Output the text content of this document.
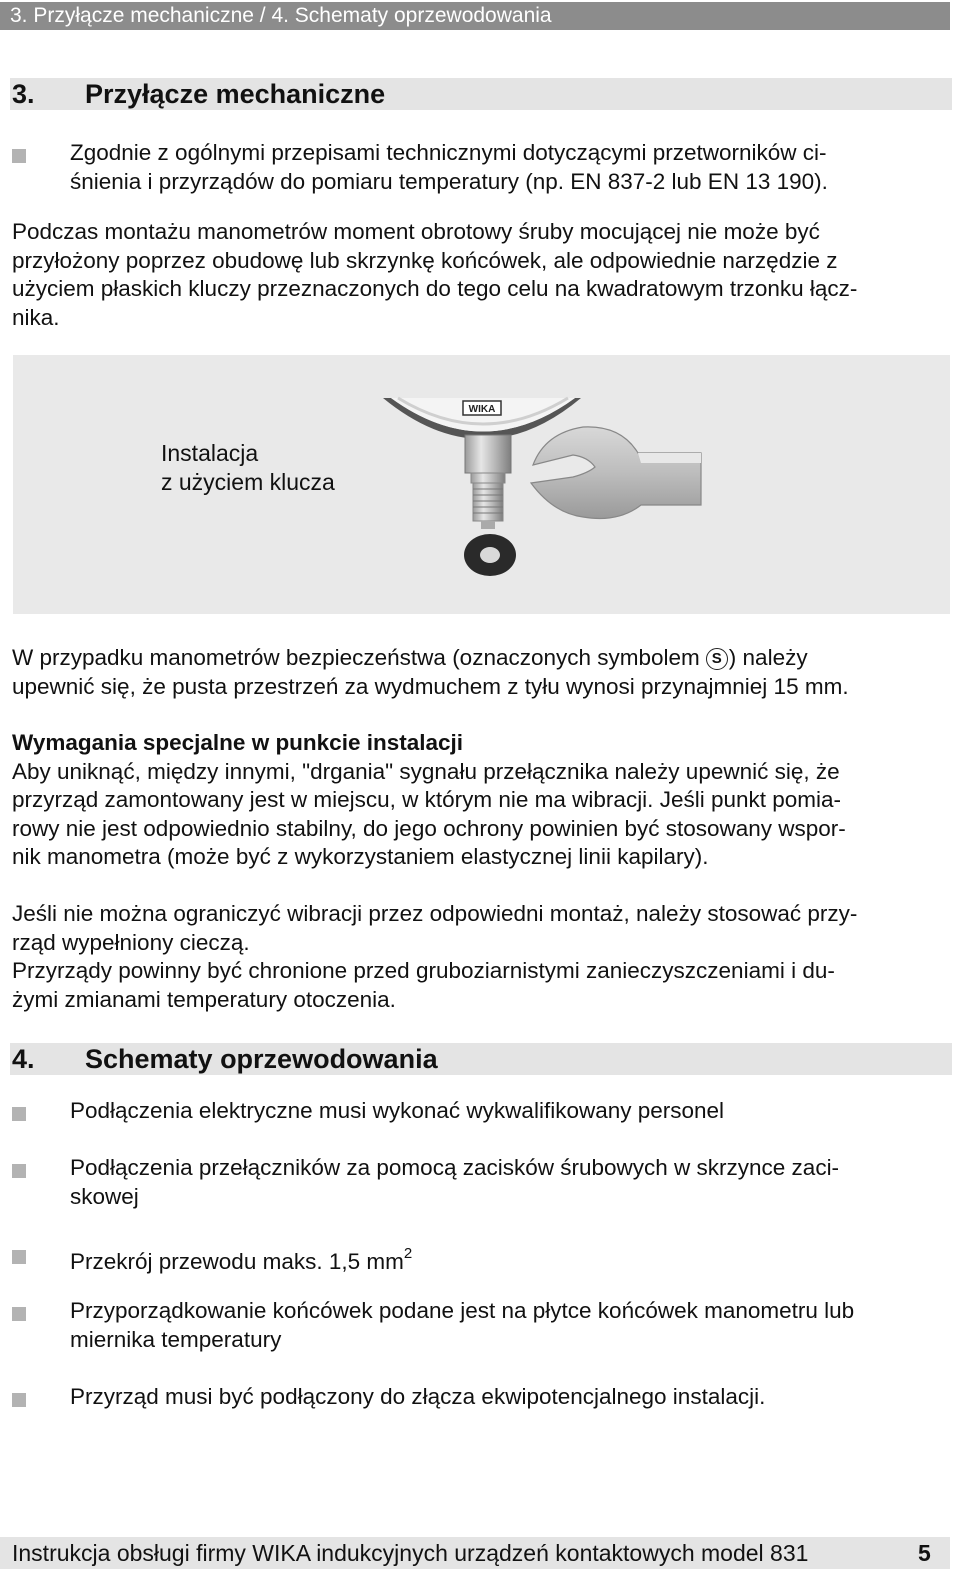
3. Przyłącze mechaniczne / 4. Schematy oprzewodowania
3. Przyłącze mechaniczne

Zgodnie z ogólnymi przepisami technicznymi dotyczącymi przetworników ci-

śnienia i przyrządów do pomiaru temperatury (np. EN 837-2 lub EN 13 190).

Podczas montażu manometrów moment obrotowy śruby mocującej nie może być

przyłożony poprzez obudowę lub skrzynkę końcówek, ale odpowiednie narzędzie z

użyciem płaskich kluczy przeznaczonych do tego celu na kwadratowym trzonku łącz-

nika.

Instalacja

z użyciem klucza

WIKA

W przypadku manometrów bezpieczeństwa (oznaczonych symbolem S ) należy

upewnić się, że pusta przestrzeń za wydmuchem z tyłu wynosi przynajmniej 15 mm.

Wymagania specjalne w punkcie instalacji

Aby uniknąć, między innymi, "drgania" sygnału przełącznika należy upewnić się, że

przyrząd zamontowany jest w miejscu, w którym nie ma wibracji. Jeśli punkt pomia-

rowy nie jest odpowiednio stabilny, do jego ochrony powinien być stosowany wspor-

nik manometra (może być z wykorzystaniem elastycznej linii kapilary).

Jeśli nie można ograniczyć wibracji przez odpowiedni montaż, należy stosować przy-

rząd wypełniony cieczą.

Przyrządy powinny być chronione przed gruboziarnistymi zanieczyszczeniami i du-

żymi zmianami temperatury otoczenia.

4. Schematy oprzewodowania

Podłączenia elektryczne musi wykonać wykwalifikowany personel

Podłączenia przełączników za pomocą zacisków śrubowych w skrzynce zaci-

skowej

Przekrój przewodu maks. 1,5 $mm^2$

Przyporządkowanie końcówek podane jest na płytce końcówek manometru lub

miernika temperatury

Przyrząd musi być podłączony do złącza ekwipotencjalnego instalacji.

Instrukcja obsługi firmy WIKA indukcyjnych urządzeń kontaktowych model 831	5
